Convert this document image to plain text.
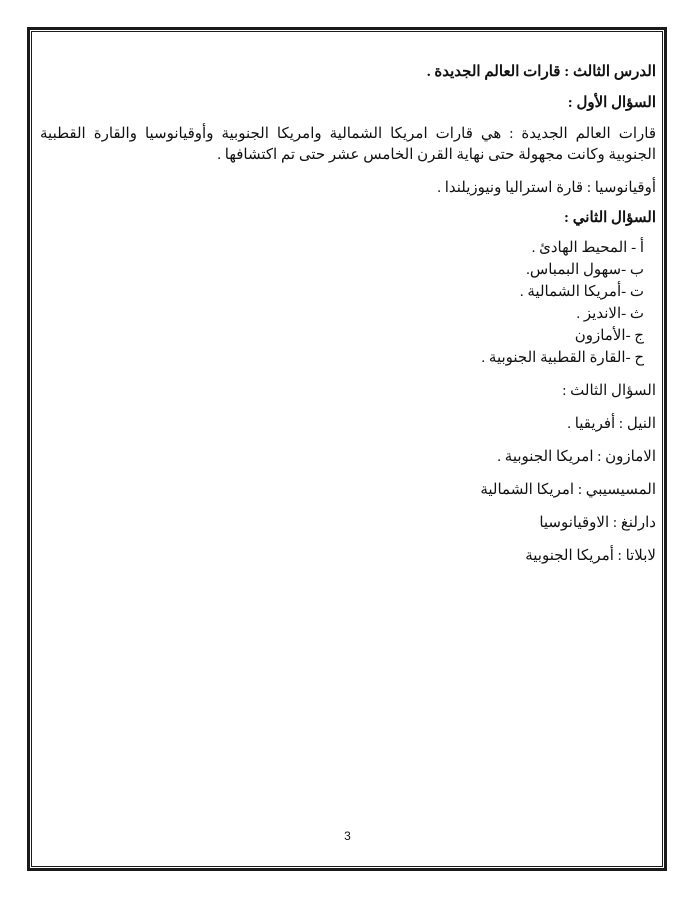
الدرس الثالث : قارات العالم الجديدة .

السؤال الأول :

قارات العالم الجديدة : هي قارات امريكا الشمالية وامريكا الجنوبية وأوقيانوسيا والقارة القطبية الجنوبية وكانت مجهولة حتى نهاية القرن الخامس عشر حتى تم اكتشافها .

أوقيانوسيا : قارة استراليا ونيوزيلندا .

السؤال الثاني :

أ - المحيط الهادئ .

ب -سهول البمباس.

ت -أمريكا الشمالية .

ث -الانديز .

ج -الأمازون

ح -القارة القطبية الجنوبية .

السؤال الثالث :

النيل : أفريقيا .

الامازون : امريكا الجنوبية .

المسيسيبي : امريكا الشمالية

دارلنغ : الاوقيانوسيا

لابلاتا : أمريكا الجنوبية

3
